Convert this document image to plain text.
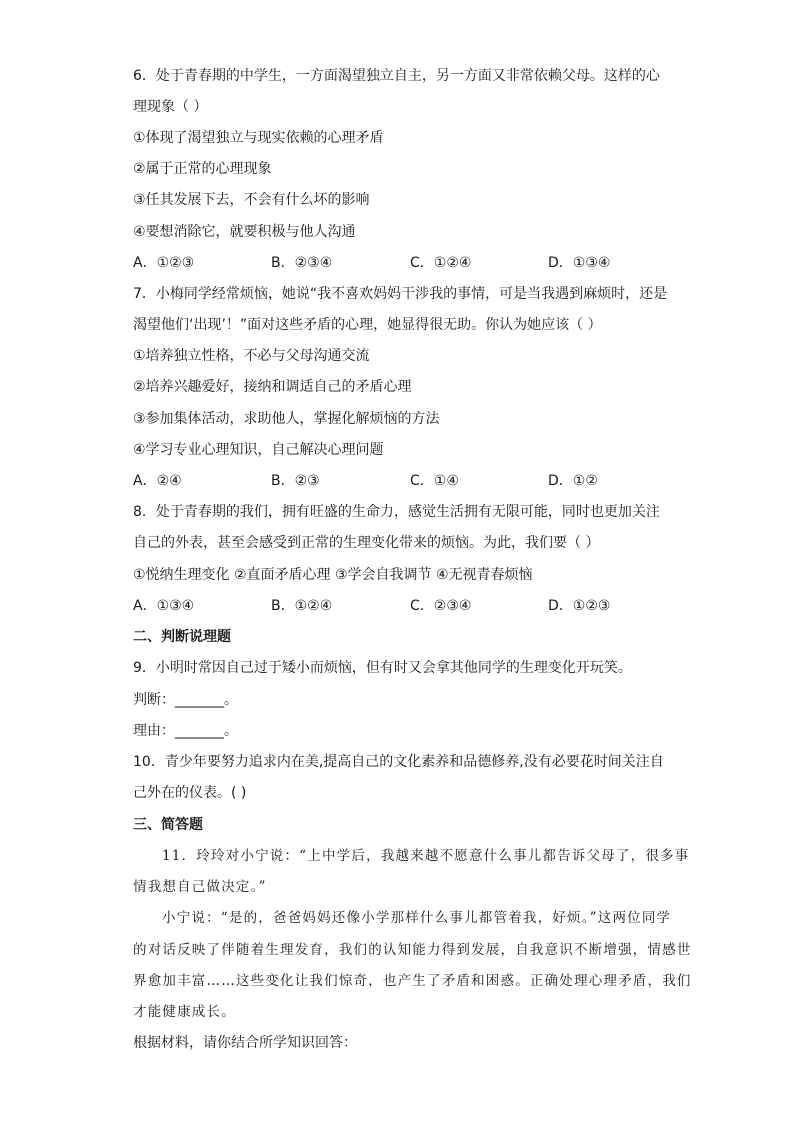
6．处于青春期的中学生，一方面渴望独立自主，另一方面又非常依赖父母。这样的心
理现象（ ）
①体现了渴望独立与现实依赖的心理矛盾
②属于正常的心理现象
③任其发展下去，不会有什么坏的影响
④要想消除它，就要积极与他人沟通
A．①②③	B．②③④	C．①②④	D．①③④
7．小梅同学经常烦恼，她说“我不喜欢妈妈干涉我的事情，可是当我遇到麻烦时，还是
渴望他们‘出现’！”面对这些矛盾的心理，她显得很无助。你认为她应该（ ）
①培养独立性格，不必与父母沟通交流
②培养兴趣爱好，接纳和调适自己的矛盾心理
③参加集体活动，求助他人，掌握化解烦恼的方法
④学习专业心理知识，自己解决心理问题
A．②④	B．②③	C．①④	D．①②
8．处于青春期的我们，拥有旺盛的生命力，感觉生活拥有无限可能，同时也更加关注
自己的外表，甚至会感受到正常的生理变化带来的烦恼。为此，我们要（ ）
①悦纳生理变化 ②直面矛盾心理 ③学会自我调节 ④无视青春烦恼
A．①③④	B．①②④	C．②③④	D．①②③
二、判断说理题
9．小明时常因自己过于矮小而烦恼，但有时又会拿其他同学的生理变化开玩笑。
判断：_______。
理由：_______。
10．青少年要努力追求内在美,提高自己的文化素养和品德修养,没有必要花时间关注自
己外在的仪表。( )
三、简答题
11．玲玲对小宁说：“上中学后，我越来越不愿意什么事儿都告诉父母了，很多事
情我想自己做决定。”
小宁说：“是的，爸爸妈妈还像小学那样什么事儿都管着我，好烦。”这两位同学
的对话反映了伴随着生理发育，我们的认知能力得到发展，自我意识不断增强，情感世
界愈加丰富……这些变化让我们惊奇，也产生了矛盾和困惑。正确处理心理矛盾，我们
才能健康成长。
根据材料，请你结合所学知识回答：
